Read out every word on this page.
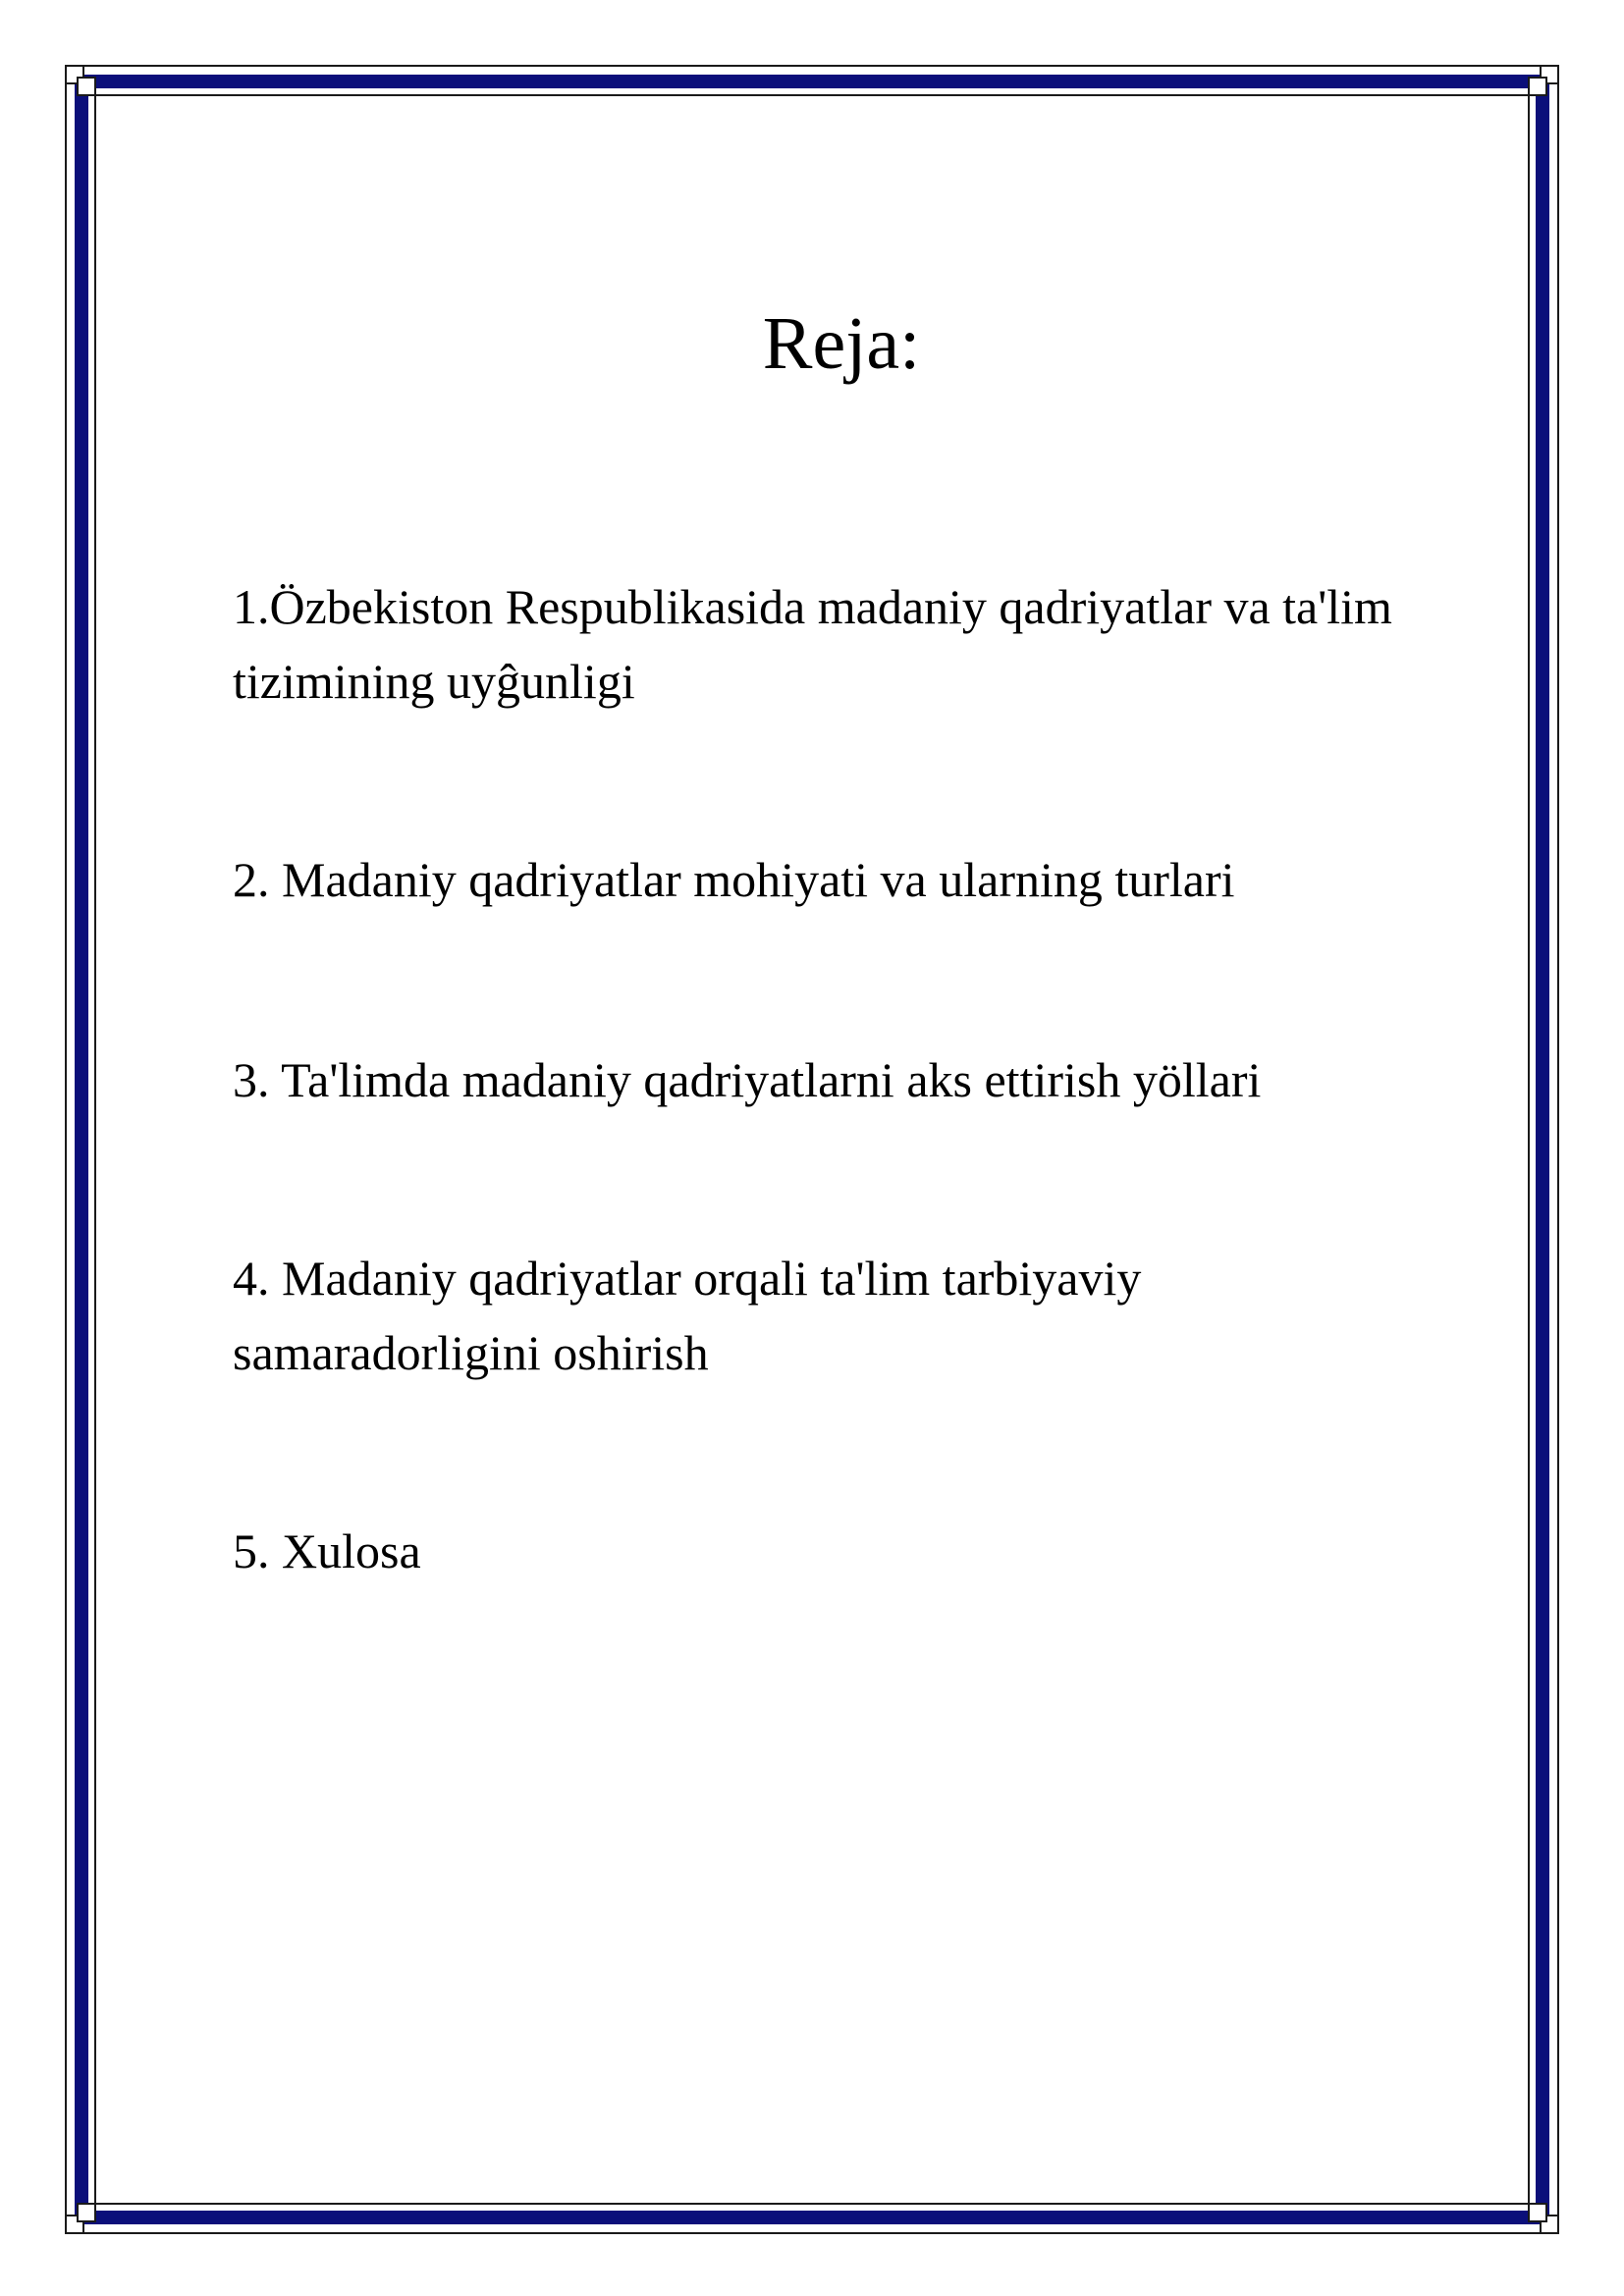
Reja:
1.Özbekiston Respublikasida madaniy qadriyatlar va ta'lim tizimining uyĝunligi
2. Madaniy qadriyatlar mohiyati va ularning turlari
3. Ta'limda madaniy qadriyatlarni aks ettirish yöllari
4. Madaniy qadriyatlar orqali ta'lim tarbiyaviy samaradorligini oshirish
5. Xulosa
